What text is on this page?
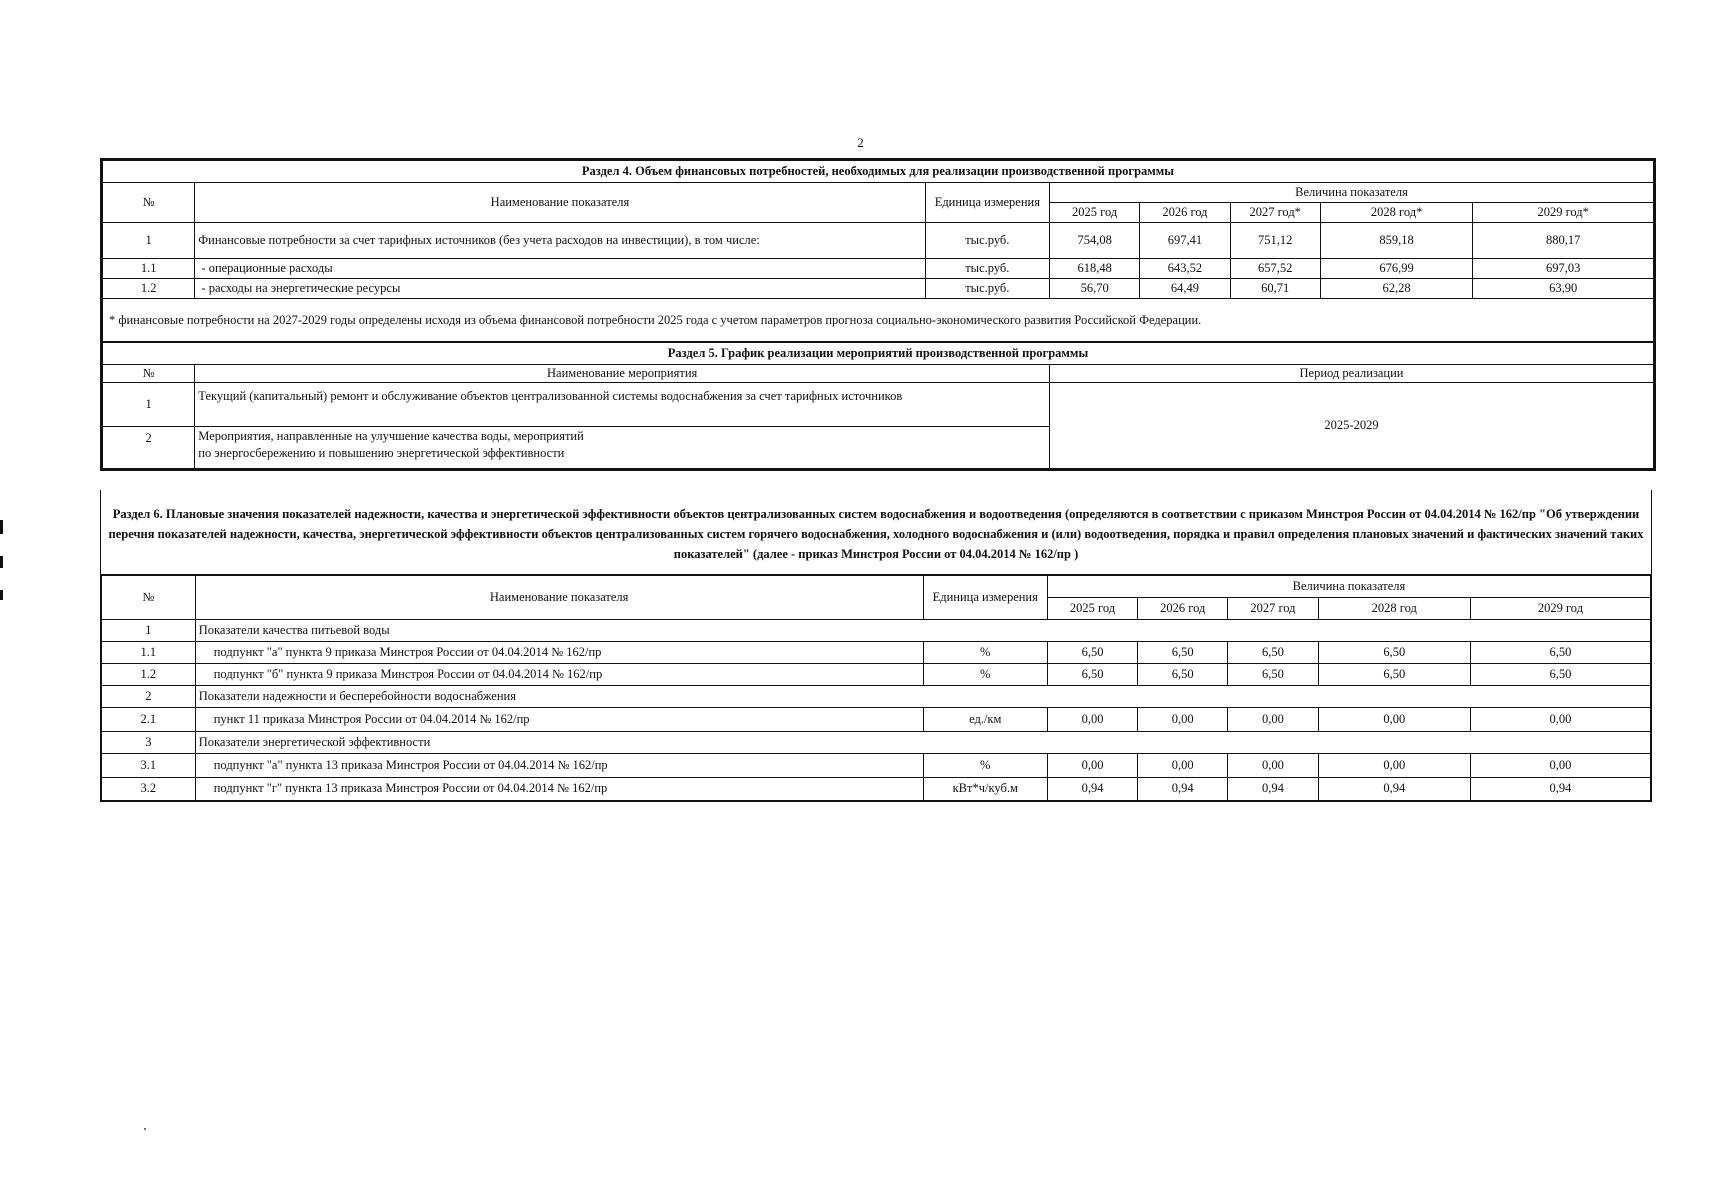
2
Раздел 4. Объем финансовых потребностей, необходимых для реализации производственной программы							
№	Наименование показателя	Единица измерения	Величина показателя				
			2025 год	2026 год	2027 год*	2028 год*	2029 год*
1	Финансовые потребности за счет тарифных источников (без учета расходов на инвестиции), в том числе:	тыс.руб.	754,08	697,41	751,12	859,18	880,17
1.1	- операционные расходы	тыс.руб.	618,48	643,52	657,52	676,99	697,03
1.2	- расходы на энергетические ресурсы	тыс.руб.	56,70	64,49	60,71	62,28	63,90
* финансовые потребности на 2027-2029 годы определены исходя из объема финансовой потребности 2025 года с учетом параметров прогноза социально-экономического развития Российской Федерации.							
Раздел 5. График реализации мероприятий производственной программы		
№	Наименование мероприятия	Период реализации
1	Текущий (капитальный) ремонт и обслуживание объектов централизованной системы водоснабжения за счет тарифных источников	2025-2029
2	Мероприятия, направленные на улучшение качества воды, мероприятий
по энергосбережению и повышению энергетической эффективности	
Раздел 6. Плановые значения показателей надежности, качества и энергетической эффективности объектов централизованных систем водоснабжения и водоотведения (определяются в соответствии с приказом Минстроя России от 04.04.2014 № 162/пр "Об утверждении перечня показателей надежности, качества, энергетической эффективности объектов централизованных систем горячего водоснабжения, холодного водоснабжения и (или) водоотведения, порядка и правил определения плановых значений и фактических значений таких показателей" (далее - приказ Минстроя России от 04.04.2014 № 162/пр )
№	Наименование показателя	Единица измерения	Величина показателя				
			2025 год	2026 год	2027 год	2028 год	2029 год
1	Показатели качества питьевой воды						
1.1	подпункт "а" пункта 9 приказа Минстроя России от 04.04.2014 № 162/пр	%	6,50	6,50	6,50	6,50	6,50
1.2	подпункт "б" пункта 9 приказа Минстроя России от 04.04.2014 № 162/пр	%	6,50	6,50	6,50	6,50	6,50
2	Показатели надежности и бесперебойности водоснабжения						
2.1	пункт 11 приказа Минстроя России от 04.04.2014 № 162/пр	ед./км	0,00	0,00	0,00	0,00	0,00
3	Показатели энергетической эффективности						
3.1	подпункт "а" пункта 13 приказа Минстроя России от 04.04.2014 № 162/пр	%	0,00	0,00	0,00	0,00	0,00
3.2	подпункт "г" пункта 13 приказа Минстроя России от 04.04.2014 № 162/пр	кВт*ч/куб.м	0,94	0,94	0,94	0,94	0,94
